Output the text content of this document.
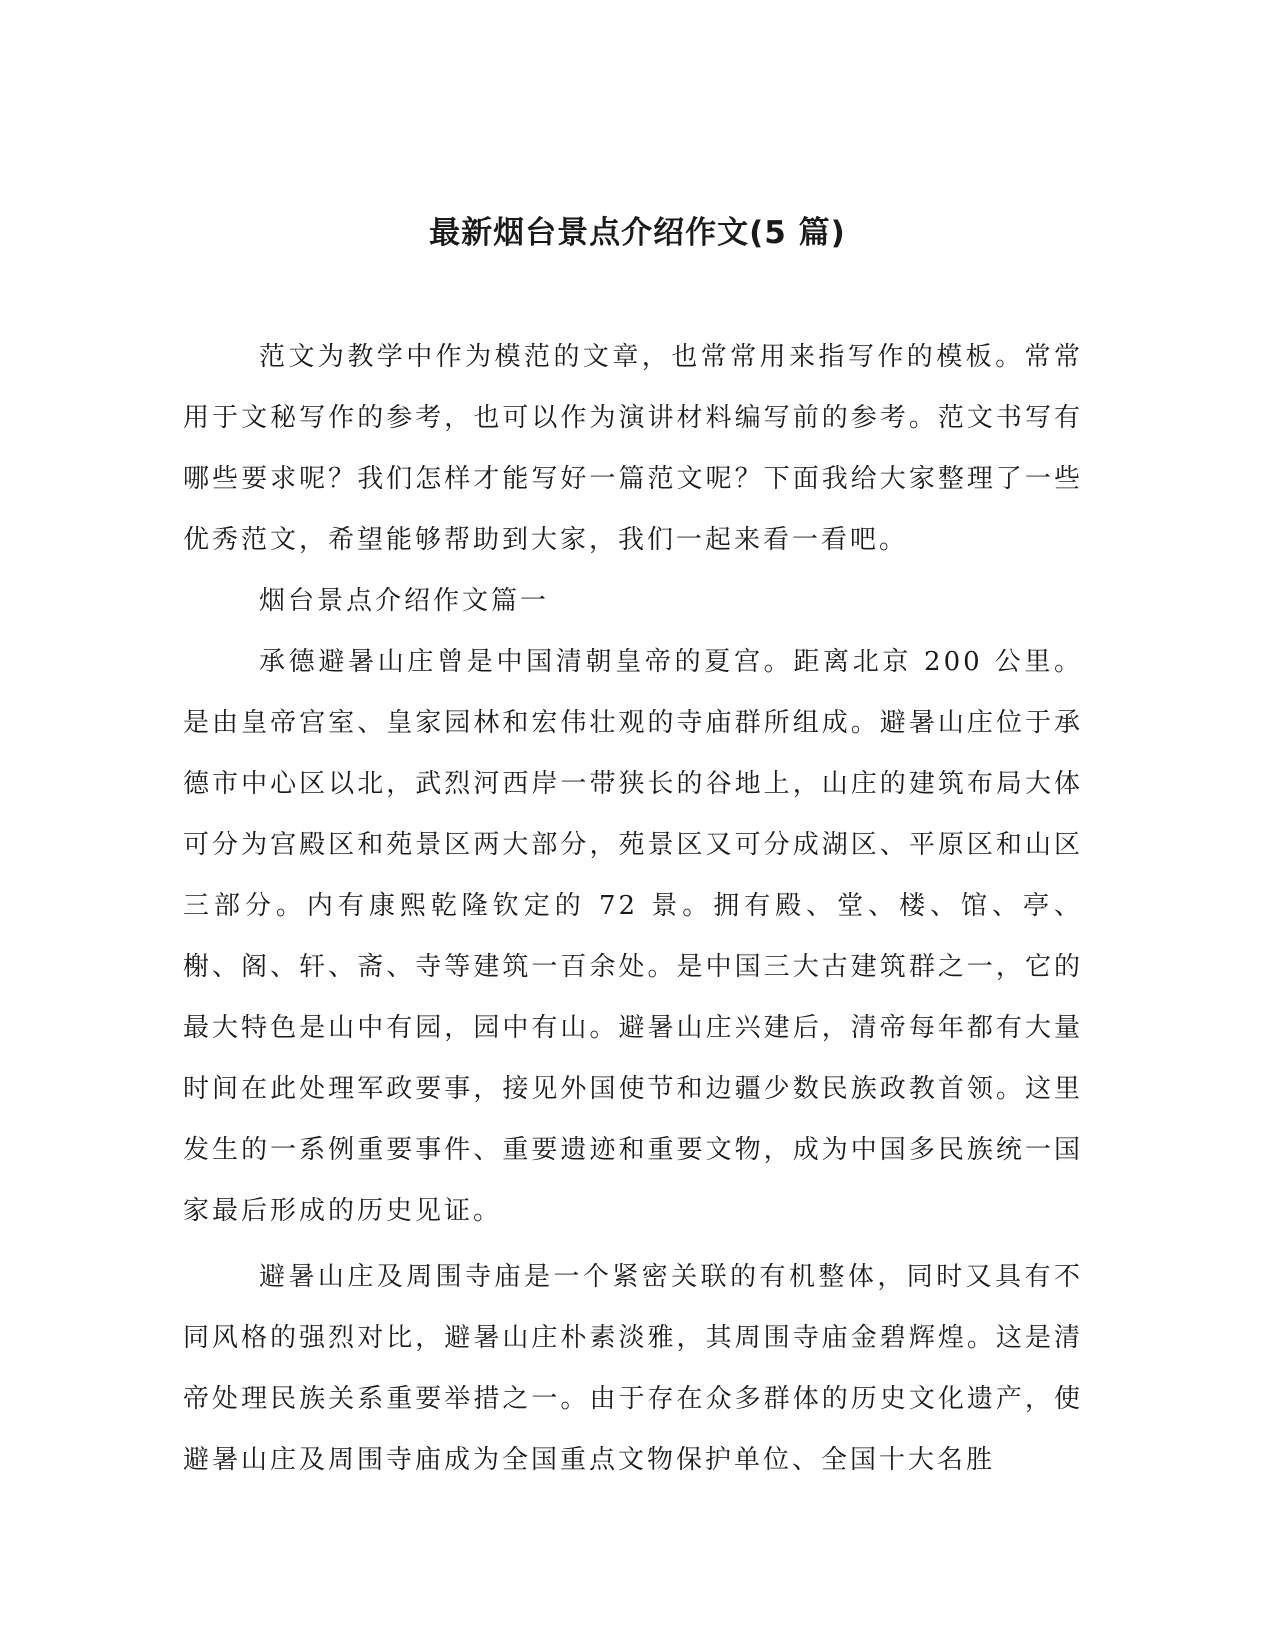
最新烟台景点介绍作文(5 篇)

范文为教学中作为模范的文章，也常常用来指写作的模板。常常用于文秘写作的参考，也可以作为演讲材料编写前的参考。范文书写有哪些要求呢？我们怎样才能写好一篇范文呢？下面我给大家整理了一些优秀范文，希望能够帮助到大家，我们一起来看一看吧。

烟台景点介绍作文篇一

承德避暑山庄曾是中国清朝皇帝的夏宫。距离北京 200 公里。是由皇帝宫室、皇家园林和宏伟壮观的寺庙群所组成。避暑山庄位于承德市中心区以北，武烈河西岸一带狭长的谷地上，山庄的建筑布局大体可分为宫殿区和苑景区两大部分，苑景区又可分成湖区、平原区和山区三部分。内有康熙乾隆钦定的 72 景。拥有殿、堂、楼、馆、亭、榭、阁、轩、斋、寺等建筑一百余处。是中国三大古建筑群之一，它的最大特色是山中有园，园中有山。避暑山庄兴建后，清帝每年都有大量时间在此处理军政要事，接见外国使节和边疆少数民族政教首领。这里发生的一系例重要事件、重要遗迹和重要文物，成为中国多民族统一国家最后形成的历史见证。

避暑山庄及周围寺庙是一个紧密关联的有机整体，同时又具有不同风格的强烈对比，避暑山庄朴素淡雅，其周围寺庙金碧辉煌。这是清帝处理民族关系重要举措之一。由于存在众多群体的历史文化遗产，使避暑山庄及周围寺庙成为全国重点文物保护单位、全国十大名胜
